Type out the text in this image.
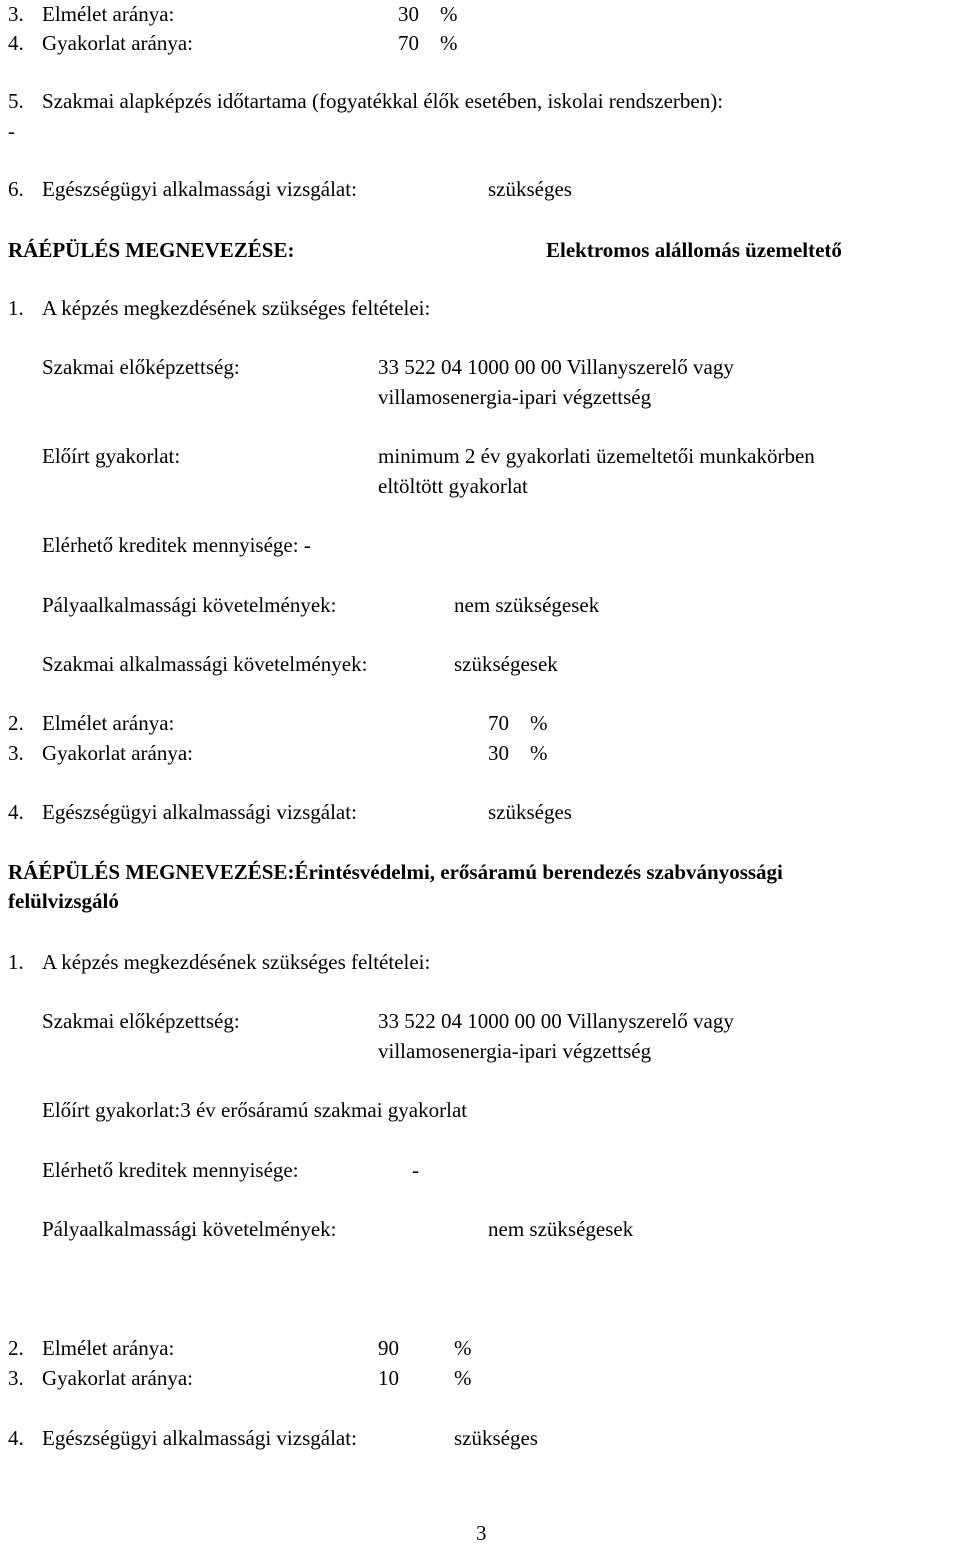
3. Elmélet aránya:	30 %
4. Gyakorlat aránya:	70 %
5. Szakmai alapképzés időtartama (fogyatékkal élők esetében, iskolai rendszerben):
-
6. Egészségügyi alkalmassági vizsgálat:	szükséges
RÁÉPÜLÉS MEGNEVEZÉSE:	Elektromos alállomás üzemeltető
1. A képzés megkezdésének szükséges feltételei:
Szakmai előképzettség:	33 522 04 1000 00 00 Villanyszerelő vagy
villamosenergia-ipari végzettség
Előírt gyakorlat:	minimum 2 év gyakorlati üzemeltetői munkakörben
eltöltött gyakorlat
Elérhető kreditek mennyisége: -
Pályaalkalmassági követelmények:	nem szükségesek
Szakmai alkalmassági követelmények:	szükségesek
2. Elmélet aránya:	70 %
3. Gyakorlat aránya:	30 %
4. Egészségügyi alkalmassági vizsgálat:	szükséges
RÁÉPÜLÉS MEGNEVEZÉSE:Érintésvédelmi, erősáramú berendezés szabványossági
felülvizsgáló
1. A képzés megkezdésének szükséges feltételei:
Szakmai előképzettség:	33 522 04 1000 00 00 Villanyszerelő vagy
villamosenergia-ipari végzettség
Előírt gyakorlat:3 év erősáramú szakmai gyakorlat
Elérhető kreditek mennyisége:	-
Pályaalkalmassági követelmények:	nem szükségesek
2. Elmélet aránya:	90	%
3. Gyakorlat aránya:	10	%
4. Egészségügyi alkalmassági vizsgálat:	szükséges
3
